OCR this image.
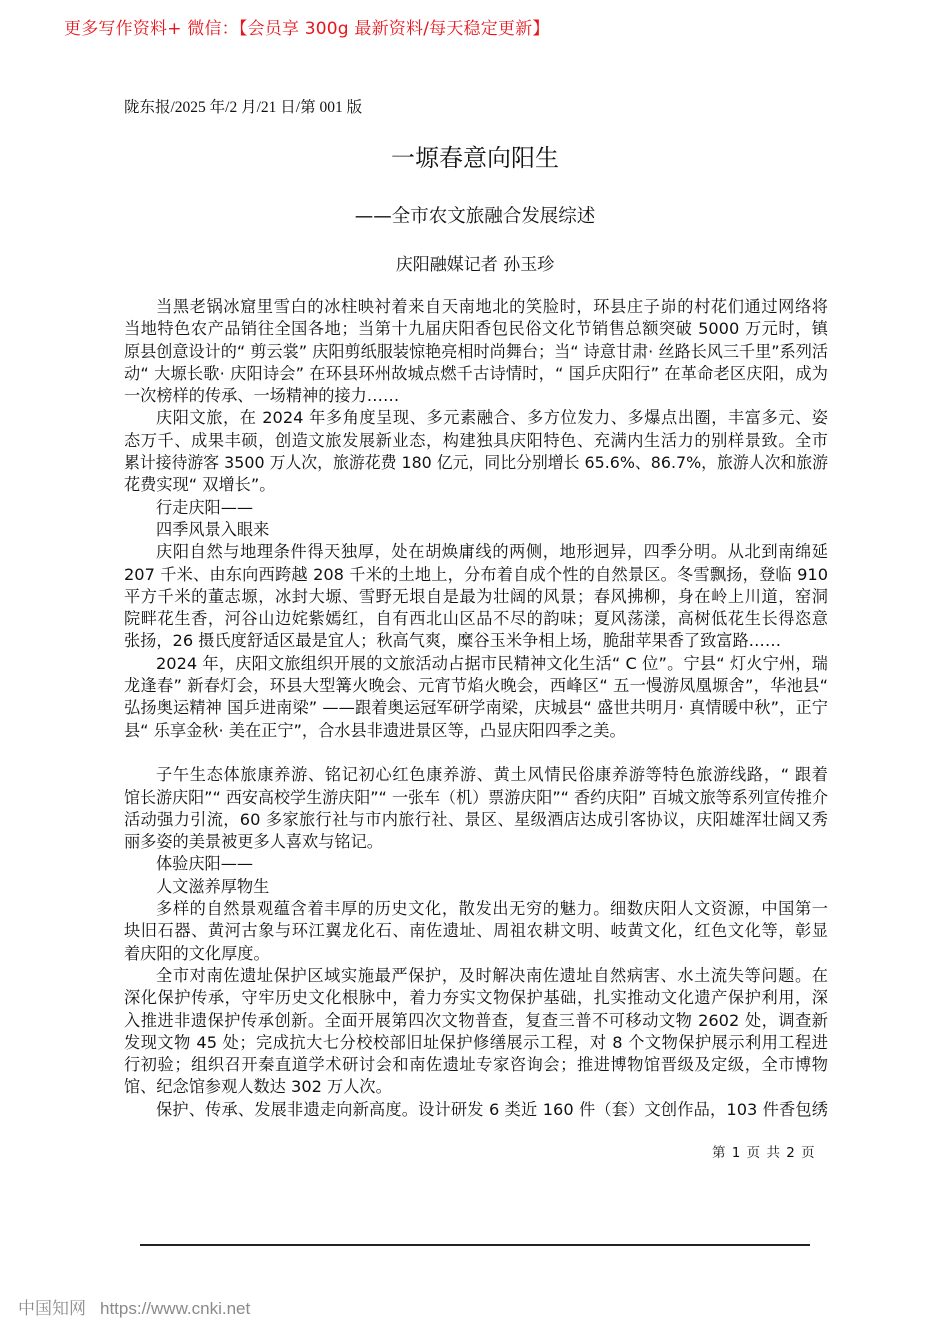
更多写作资料+ 微信：【会员享 300g 最新资料/每天稳定更新】
陇东报/2025 年/2 月/21 日/第 001 版
一塬春意向阳生
——全市农文旅融合发展综述
庆阳融媒记者 孙玉珍
当黑老锅冰窟里雪白的冰柱映衬着来自天南地北的笑脸时，环县庄子峁的村花们通过网络将
当地特色农产品销往全国各地；当第十九届庆阳香包民俗文化节销售总额突破 5000 万元时，镇
原县创意设计的“ 剪云裳” 庆阳剪纸服装惊艳亮相时尚舞台；当“ 诗意甘肃· 丝路长风三千里”系列活
动“ 大塬长歌· 庆阳诗会” 在环县环州故城点燃千古诗情时，“ 国乒庆阳行” 在革命老区庆阳，成为
一次榜样的传承、一场精神的接力……
庆阳文旅，在 2024 年多角度呈现、多元素融合、多方位发力、多爆点出圈，丰富多元、姿
态万千、成果丰硕，创造文旅发展新业态，构建独具庆阳特色、充满内生活力的别样景致。全市
累计接待游客 3500 万人次，旅游花费 180 亿元，同比分别增长 65.6%、86.7%，旅游人次和旅游
花费实现“ 双增长”。
行走庆阳——
四季风景入眼来
庆阳自然与地理条件得天独厚，处在胡焕庸线的两侧，地形迥异，四季分明。从北到南绵延
207 千米、由东向西跨越 208 千米的土地上，分布着自成个性的自然景区。冬雪飘扬，登临 910
平方千米的董志塬，冰封大塬、雪野无垠自是最为壮阔的风景；春风拂柳，身在岭上川道，窑洞
院畔花生香，河谷山边姹紫嫣红，自有西北山区品不尽的韵味；夏风荡漾，高树低花生长得恣意
张扬，26 摄氏度舒适区最是宜人；秋高气爽，糜谷玉米争相上场，脆甜苹果香了致富路……
2024 年，庆阳文旅组织开展的文旅活动占据市民精神文化生活“ C 位”。宁县“ 灯火宁州，瑞
龙逢春” 新春灯会，环县大型篝火晚会、元宵节焰火晚会，西峰区“ 五一慢游凤凰塬舍”，华池县“
弘扬奥运精神 国乒进南梁” ——跟着奥运冠军研学南梁，庆城县“ 盛世共明月· 真情暖中秋”，正宁
县“ 乐享金秋· 美在正宁”，合水县非遗进景区等，凸显庆阳四季之美。
子午生态体旅康养游、铭记初心红色康养游、黄土风情民俗康养游等特色旅游线路，“ 跟着
馆长游庆阳”“ 西安高校学生游庆阳”“ 一张车（机）票游庆阳”“ 香约庆阳” 百城文旅等系列宣传推介
活动强力引流，60 多家旅行社与市内旅行社、景区、星级酒店达成引客协议，庆阳雄浑壮阔又秀
丽多姿的美景被更多人喜欢与铭记。
体验庆阳——
人文滋养厚物生
多样的自然景观蕴含着丰厚的历史文化，散发出无穷的魅力。细数庆阳人文资源，中国第一
块旧石器、黄河古象与环江翼龙化石、南佐遗址、周祖农耕文明、岐黄文化，红色文化等，彰显
着庆阳的文化厚度。
全市对南佐遗址保护区域实施最严保护，及时解决南佐遗址自然病害、水土流失等问题。在
深化保护传承，守牢历史文化根脉中，着力夯实文物保护基础，扎实推动文化遗产保护利用，深
入推进非遗保护传承创新。全面开展第四次文物普查，复查三普不可移动文物 2602 处，调查新
发现文物 45 处；完成抗大七分校校部旧址保护修缮展示工程，对 8 个文物保护展示利用工程进
行初验；组织召开秦直道学术研讨会和南佐遗址专家咨询会；推进博物馆晋级及定级，全市博物
馆、纪念馆参观人数达 302 万人次。
保护、传承、发展非遗走向新高度。设计研发 6 类近 160 件（套）文创作品，103 件香包绣
第 1 页 共 2 页
中国知网 https://www.cnki.net
